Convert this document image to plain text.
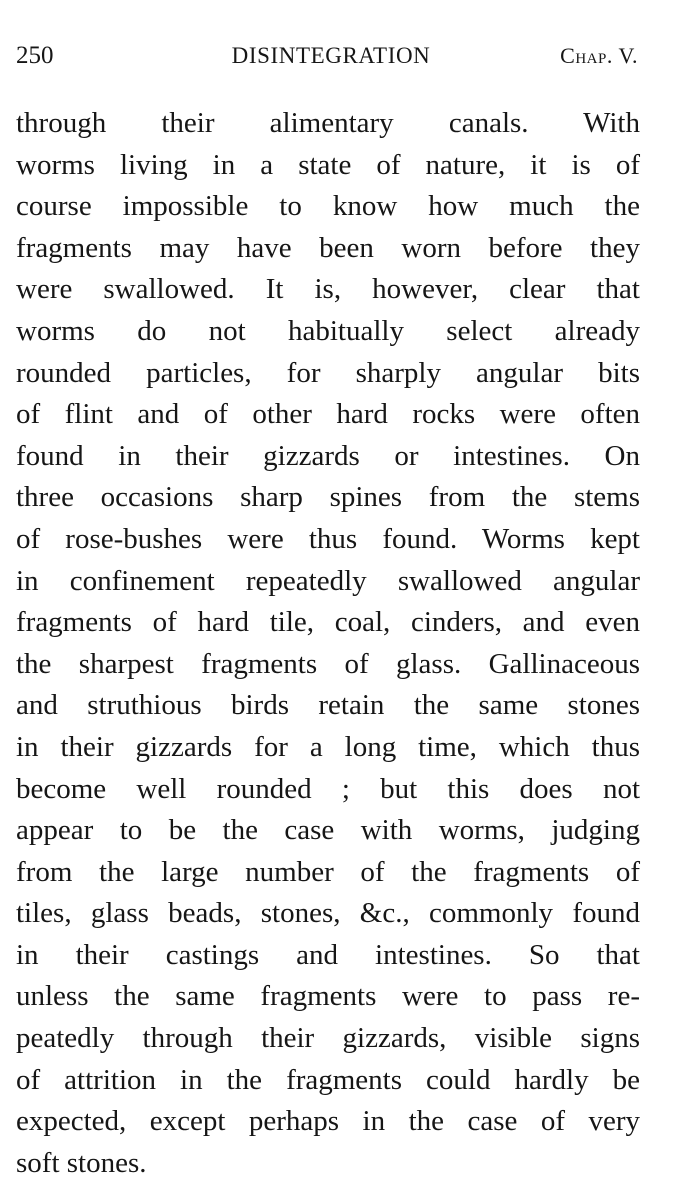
250	DISINTEGRATION	Chap. V.
through their alimentary canals. With
worms living in a state of nature, it is of
course impossible to know how much the
fragments may have been worn before they
were swallowed. It is, however, clear that
worms do not habitually select already
rounded particles, for sharply angular bits
of flint and of other hard rocks were often
found in their gizzards or intestines. On
three occasions sharp spines from the stems
of rose-bushes were thus found. Worms kept
in confinement repeatedly swallowed angular
fragments of hard tile, coal, cinders, and even
the sharpest fragments of glass. Gallinaceous
and struthious birds retain the same stones
in their gizzards for a long time, which thus
become well rounded ; but this does not
appear to be the case with worms, judging
from the large number of the fragments of
tiles, glass beads, stones, &c., commonly found
in their castings and intestines. So that
unless the same fragments were to pass re-
peatedly through their gizzards, visible signs
of attrition in the fragments could hardly be
expected, except perhaps in the case of very
soft stones.
